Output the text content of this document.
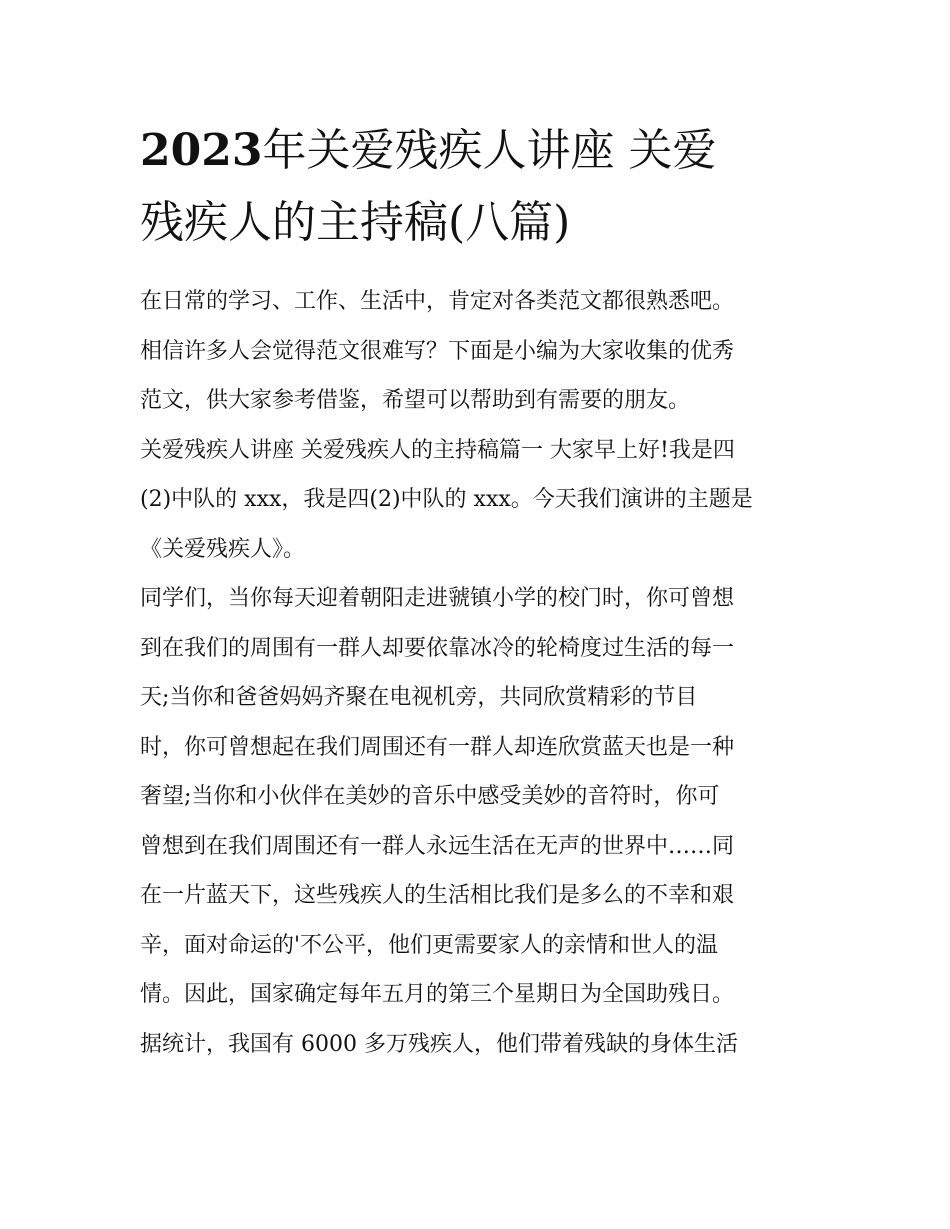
2023年关爱残疾人讲座 关爱
残疾人的主持稿(八篇)
在日常的学习、工作、生活中，肯定对各类范文都很熟悉吧。
相信许多人会觉得范文很难写？下面是小编为大家收集的优秀
范文，供大家参考借鉴，希望可以帮助到有需要的朋友。
关爱残疾人讲座 关爱残疾人的主持稿篇一 大家早上好!我是四
(2)中队的 xxx，我是四(2)中队的 xxx。今天我们演讲的主题是
《关爱残疾人》。
同学们，当你每天迎着朝阳走进虢镇小学的校门时，你可曾想
到在我们的周围有一群人却要依靠冰冷的轮椅度过生活的每一
天;当你和爸爸妈妈齐聚在电视机旁，共同欣赏精彩的节目
时，你可曾想起在我们周围还有一群人却连欣赏蓝天也是一种
奢望;当你和小伙伴在美妙的音乐中感受美妙的音符时，你可
曾想到在我们周围还有一群人永远生活在无声的世界中……同
在一片蓝天下，这些残疾人的生活相比我们是多么的不幸和艰
辛，面对命运的'不公平，他们更需要家人的亲情和世人的温
情。因此，国家确定每年五月的第三个星期日为全国助残日。
据统计，我国有 6000 多万残疾人，他们带着残缺的身体生活
